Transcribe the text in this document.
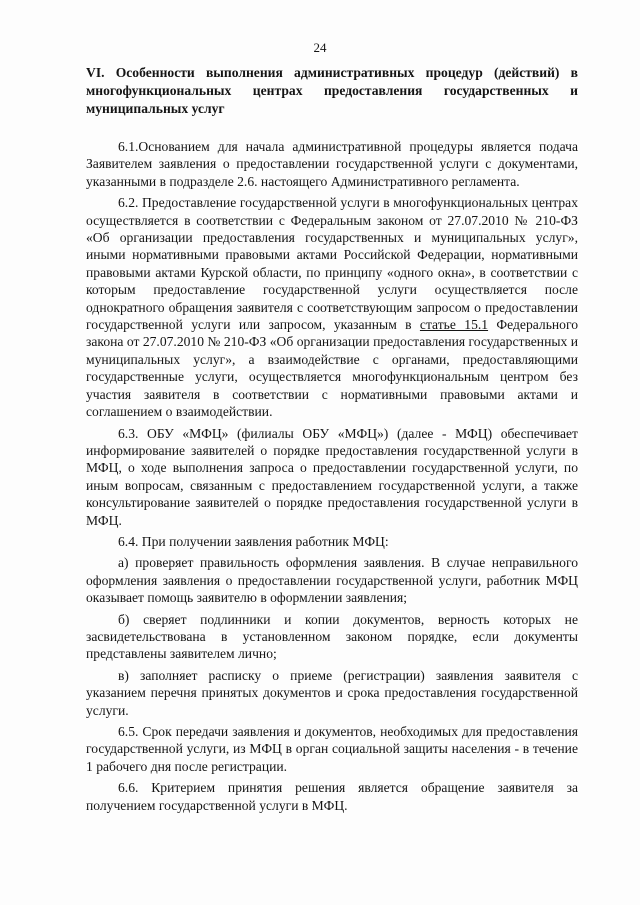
24
VI. Особенности выполнения административных процедур (действий) в многофункциональных центрах предоставления государственных и муниципальных услуг

6.1.Основанием для начала административной процедуры является подача Заявителем заявления о предоставлении государственной услуги с документами, указанными в подразделе 2.6. настоящего Административного регламента.

6.2. Предоставление государственной услуги в многофункциональных центрах осуществляется в соответствии с Федеральным законом от 27.07.2010 № 210-ФЗ «Об организации предоставления государственных и муниципальных услуг», иными нормативными правовыми актами Российской Федерации, нормативными правовыми актами Курской области, по принципу «одного окна», в соответствии с которым предоставление государственной услуги осуществляется после однократного обращения заявителя с соответствующим запросом о предоставлении государственной услуги или запросом, указанным в статье 15.1 Федерального закона от 27.07.2010 № 210-ФЗ «Об организации предоставления государственных и муниципальных услуг», а взаимодействие с органами, предоставляющими государственные услуги, осуществляется многофункциональным центром без участия заявителя в соответствии с нормативными правовыми актами и соглашением о взаимодействии.

6.3. ОБУ «МФЦ» (филиалы ОБУ «МФЦ») (далее - МФЦ) обеспечивает информирование заявителей о порядке предоставления государственной услуги в МФЦ, о ходе выполнения запроса о предоставлении государственной услуги, по иным вопросам, связанным с предоставлением государственной услуги, а также консультирование заявителей о порядке предоставления государственной услуги в МФЦ.

6.4. При получении заявления работник МФЦ:

а) проверяет правильность оформления заявления. В случае неправильного оформления заявления о предоставлении государственной услуги, работник МФЦ оказывает помощь заявителю в оформлении заявления;

б) сверяет подлинники и копии документов, верность которых не засвидетельствована в установленном законом порядке, если документы представлены заявителем лично;

в) заполняет расписку о приеме (регистрации) заявления заявителя с указанием перечня принятых документов и срока предоставления государственной услуги.

6.5. Срок передачи заявления и документов, необходимых для предоставления государственной услуги, из МФЦ в орган социальной защиты населения - в течение 1 рабочего дня после регистрации.

6.6. Критерием принятия решения является обращение заявителя за получением государственной услуги в МФЦ.
